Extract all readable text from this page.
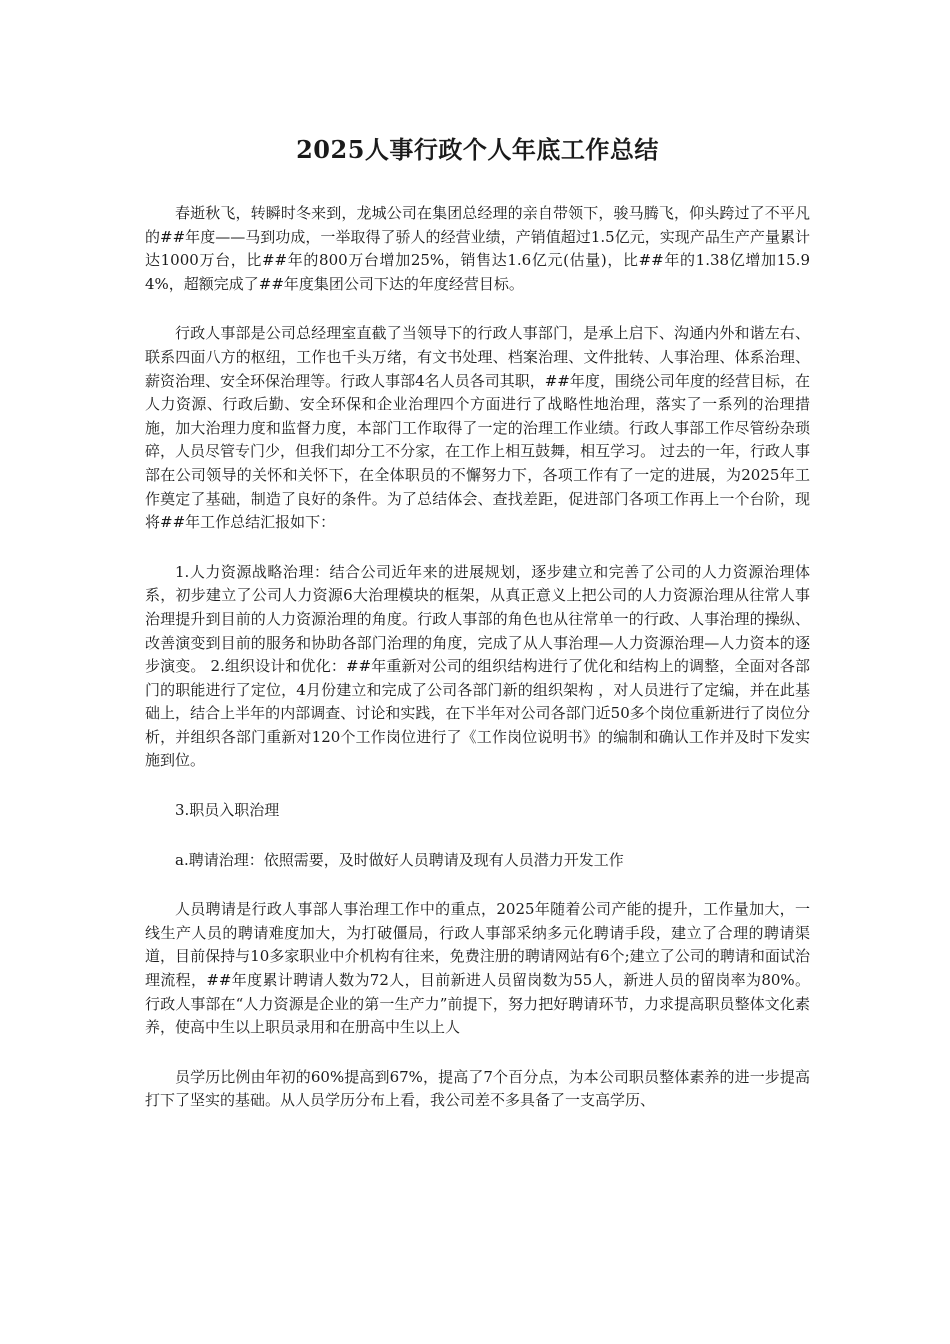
2025人事行政个人年底工作总结

春逝秋飞，转瞬时冬来到，龙城公司在集团总经理的亲自带领下，骏马腾飞，仰头跨过了不平凡的##年度——马到功成，一举取得了骄人的经营业绩，产销值超过1.5亿元，实现产品生产产量累计达1000万台，比##年的800万台增加25%，销售达1.6亿元(估量)，比##年的1.38亿增加15.94%，超额完成了##年度集团公司下达的年度经营目标。

行政人事部是公司总经理室直截了当领导下的行政人事部门，是承上启下、沟通内外和谐左右、联系四面八方的枢纽，工作也千头万绪，有文书处理、档案治理、文件批转、人事治理、体系治理、薪资治理、安全环保治理等。行政人事部4名人员各司其职，##年度，围绕公司年度的经营目标，在人力资源、行政后勤、安全环保和企业治理四个方面进行了战略性地治理，落实了一系列的治理措施，加大治理力度和监督力度，本部门工作取得了一定的治理工作业绩。行政人事部工作尽管纷杂琐碎，人员尽管专门少，但我们却分工不分家，在工作上相互鼓舞，相互学习。 过去的一年，行政人事部在公司领导的关怀和关怀下，在全体职员的不懈努力下，各项工作有了一定的进展，为2025年工作奠定了基础，制造了良好的条件。为了总结体会、查找差距，促进部门各项工作再上一个台阶，现将##年工作总结汇报如下：

1.人力资源战略治理：结合公司近年来的进展规划，逐步建立和完善了公司的人力资源治理体系，初步建立了公司人力资源6大治理模块的框架，从真正意义上把公司的人力资源治理从往常人事治理提升到目前的人力资源治理的角度。行政人事部的角色也从往常单一的行政、人事治理的操纵、改善演变到目前的服务和协助各部门治理的角度，完成了从人事治理—人力资源治理—人力资本的逐步演变。 2.组织设计和优化：##年重新对公司的组织结构进行了优化和结构上的调整，全面对各部门的职能进行了定位，4月份建立和完成了公司各部门新的组织架构 ，对人员进行了定编，并在此基础上，结合上半年的内部调查、讨论和实践，在下半年对公司各部门近50多个岗位重新进行了岗位分析，并组织各部门重新对120个工作岗位进行了《工作岗位说明书》的编制和确认工作并及时下发实施到位。

3.职员入职治理

a.聘请治理：依照需要，及时做好人员聘请及现有人员潜力开发工作

人员聘请是行政人事部人事治理工作中的重点，2025年随着公司产能的提升，工作量加大，一线生产人员的聘请难度加大，为打破僵局，行政人事部采纳多元化聘请手段，建立了合理的聘请渠道，目前保持与10多家职业中介机构有往来，免费注册的聘请网站有6个;建立了公司的聘请和面试治理流程，##年度累计聘请人数为72人，目前新进人员留岗数为55人，新进人员的留岗率为80%。行政人事部在“人力资源是企业的第一生产力”前提下，努力把好聘请环节，力求提高职员整体文化素养，使高中生以上职员录用和在册高中生以上人

员学历比例由年初的60%提高到67%，提高了7个百分点，为本公司职员整体素养的进一步提高打下了坚实的基础。从人员学历分布上看，我公司差不多具备了一支高学历、
